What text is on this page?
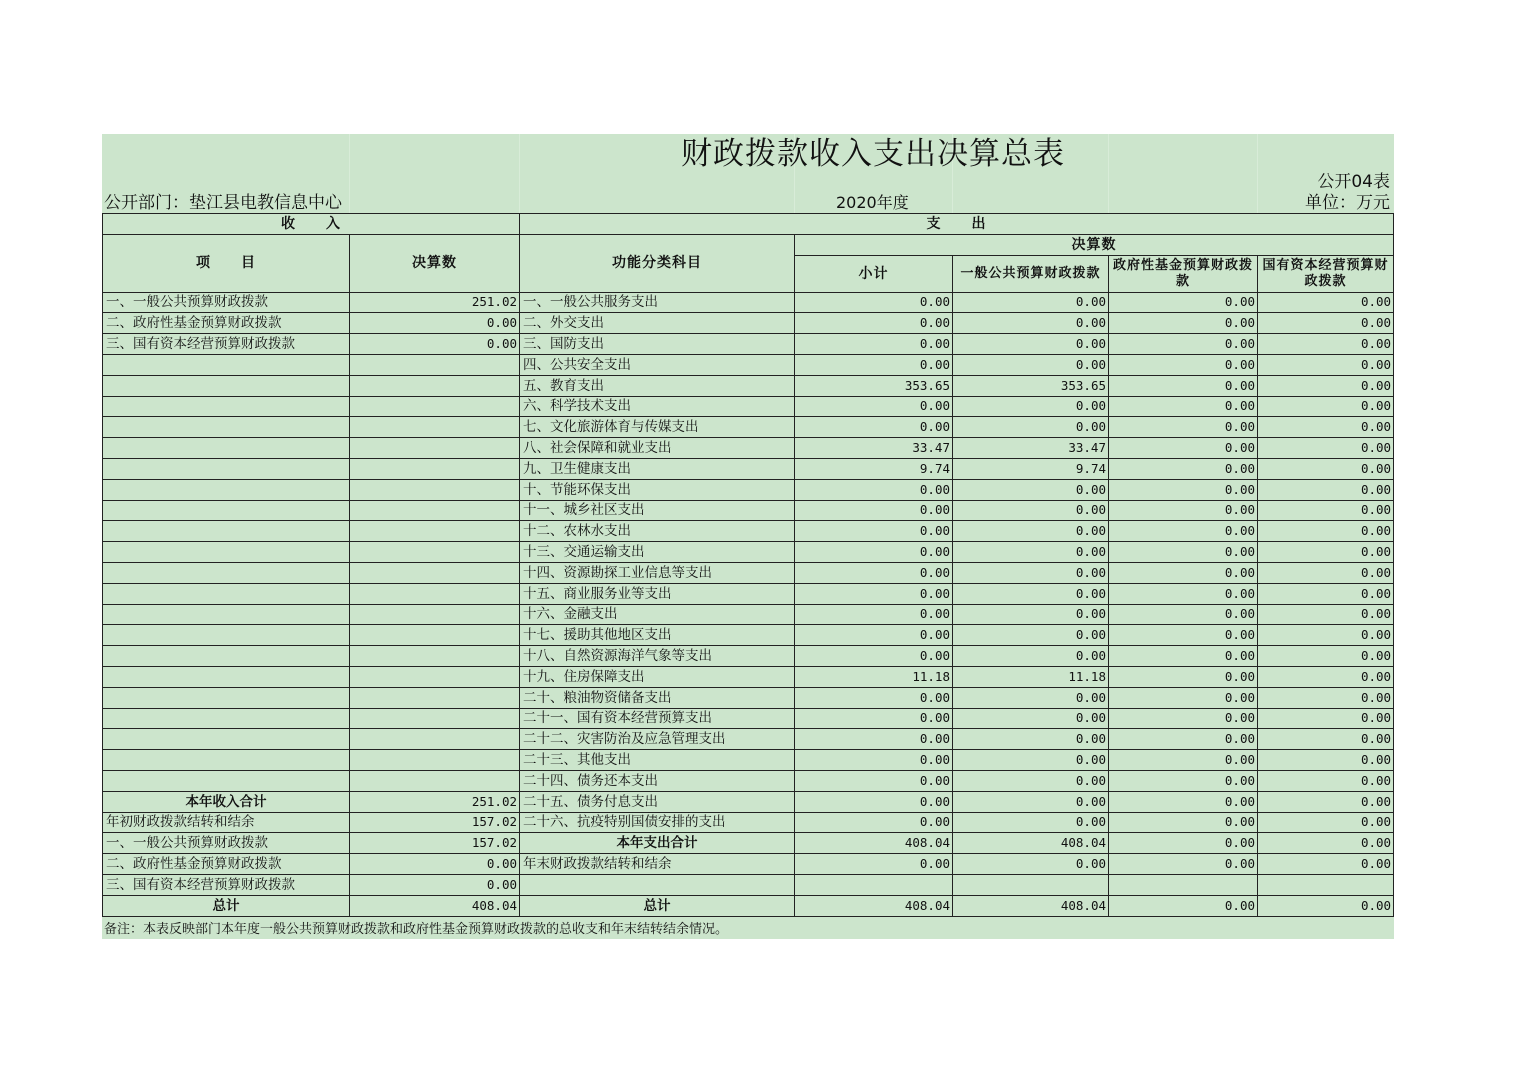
财政拨款收入支出决算总表
公开04表
公开部门：垫江县电教信息中心	2020年度	单位：万元
收　　入		支　　出				
项　　目	决算数	功能分类科目	决算数			
			小计	一般公共预算财政拨款	政府性基金预算财政拨款	国有资本经营预算财政拨款

一、一般公共预算财政拨款	251.02	一、一般公共服务支出	0.00	0.00	0.00	0.00
二、政府性基金预算财政拨款	0.00	二、外交支出	0.00	0.00	0.00	0.00
三、国有资本经营预算财政拨款	0.00	三、国防支出	0.00	0.00	0.00	0.00
		四、公共安全支出	0.00	0.00	0.00	0.00
		五、教育支出	353.65	353.65	0.00	0.00
		六、科学技术支出	0.00	0.00	0.00	0.00
		七、文化旅游体育与传媒支出	0.00	0.00	0.00	0.00
		八、社会保障和就业支出	33.47	33.47	0.00	0.00
		九、卫生健康支出	9.74	9.74	0.00	0.00
		十、节能环保支出	0.00	0.00	0.00	0.00
		十一、城乡社区支出	0.00	0.00	0.00	0.00
		十二、农林水支出	0.00	0.00	0.00	0.00
		十三、交通运输支出	0.00	0.00	0.00	0.00
		十四、资源勘探工业信息等支出	0.00	0.00	0.00	0.00
		十五、商业服务业等支出	0.00	0.00	0.00	0.00
		十六、金融支出	0.00	0.00	0.00	0.00
		十七、援助其他地区支出	0.00	0.00	0.00	0.00
		十八、自然资源海洋气象等支出	0.00	0.00	0.00	0.00
		十九、住房保障支出	11.18	11.18	0.00	0.00
		二十、粮油物资储备支出	0.00	0.00	0.00	0.00
		二十一、国有资本经营预算支出	0.00	0.00	0.00	0.00
		二十二、灾害防治及应急管理支出	0.00	0.00	0.00	0.00
		二十三、其他支出	0.00	0.00	0.00	0.00
		二十四、债务还本支出	0.00	0.00	0.00	0.00
本年收入合计	251.02	二十五、债务付息支出	0.00	0.00	0.00	0.00
年初财政拨款结转和结余	157.02	二十六、抗疫特别国债安排的支出	0.00	0.00	0.00	0.00
一、一般公共预算财政拨款	157.02	本年支出合计	408.04	408.04	0.00	0.00
二、政府性基金预算财政拨款	0.00	年末财政拨款结转和结余	0.00	0.00	0.00	0.00
三、国有资本经营预算财政拨款	0.00					
总计	408.04	总计	408.04	408.04	0.00	0.00
备注：本表反映部门本年度一般公共预算财政拨款和政府性基金预算财政拨款的总收支和年末结转结余情况。
